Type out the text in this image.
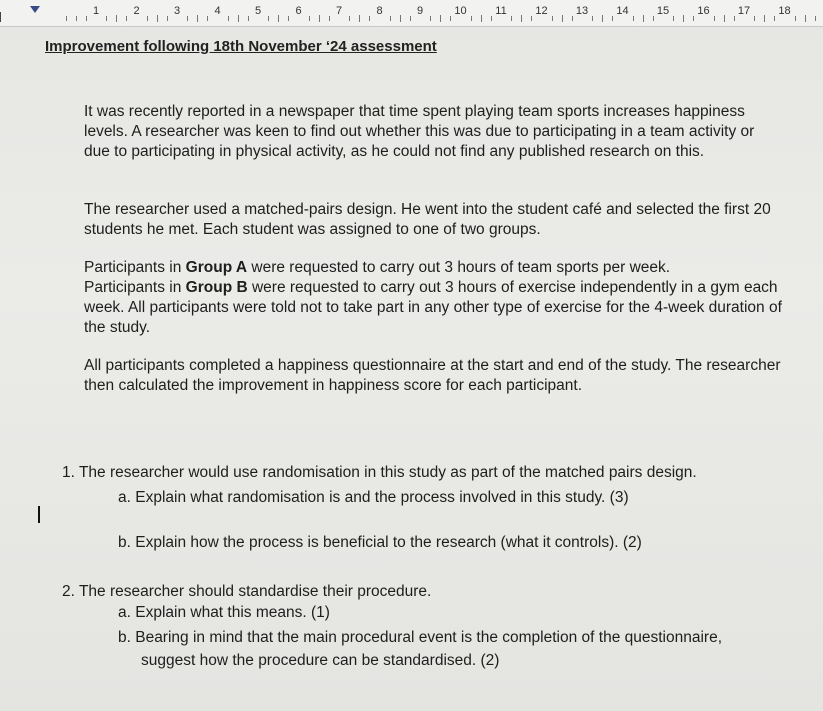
1	2	3	4	5	6	7	8	9	10	11	12	13	14	15	16	17	18
Improvement following 18th November ‘24 assessment
It was recently reported in a newspaper that time spent playing team sports increases happiness levels. A researcher was keen to find out whether this was due to participating in a team activity or due to participating in physical activity, as he could not find any published research on this.
The researcher used a matched-pairs design. He went into the student café and selected the first 20 students he met. Each student was assigned to one of two groups.
Participants in Group A were requested to carry out 3 hours of team sports per week.
Participants in Group B were requested to carry out 3 hours of exercise independently in a gym each week. All participants were told not to take part in any other type of exercise for the 4-week duration of the study.
All participants completed a happiness questionnaire at the start and end of the study. The researcher then calculated the improvement in happiness score for each participant.
1. The researcher would use randomisation in this study as part of the matched pairs design.
a. Explain what randomisation is and the process involved in this study. (3)
b. Explain how the process is beneficial to the research (what it controls). (2)
2. The researcher should standardise their procedure.
a. Explain what this means. (1)
b. Bearing in mind that the main procedural event is the completion of the questionnaire,
suggest how the procedure can be standardised. (2)
